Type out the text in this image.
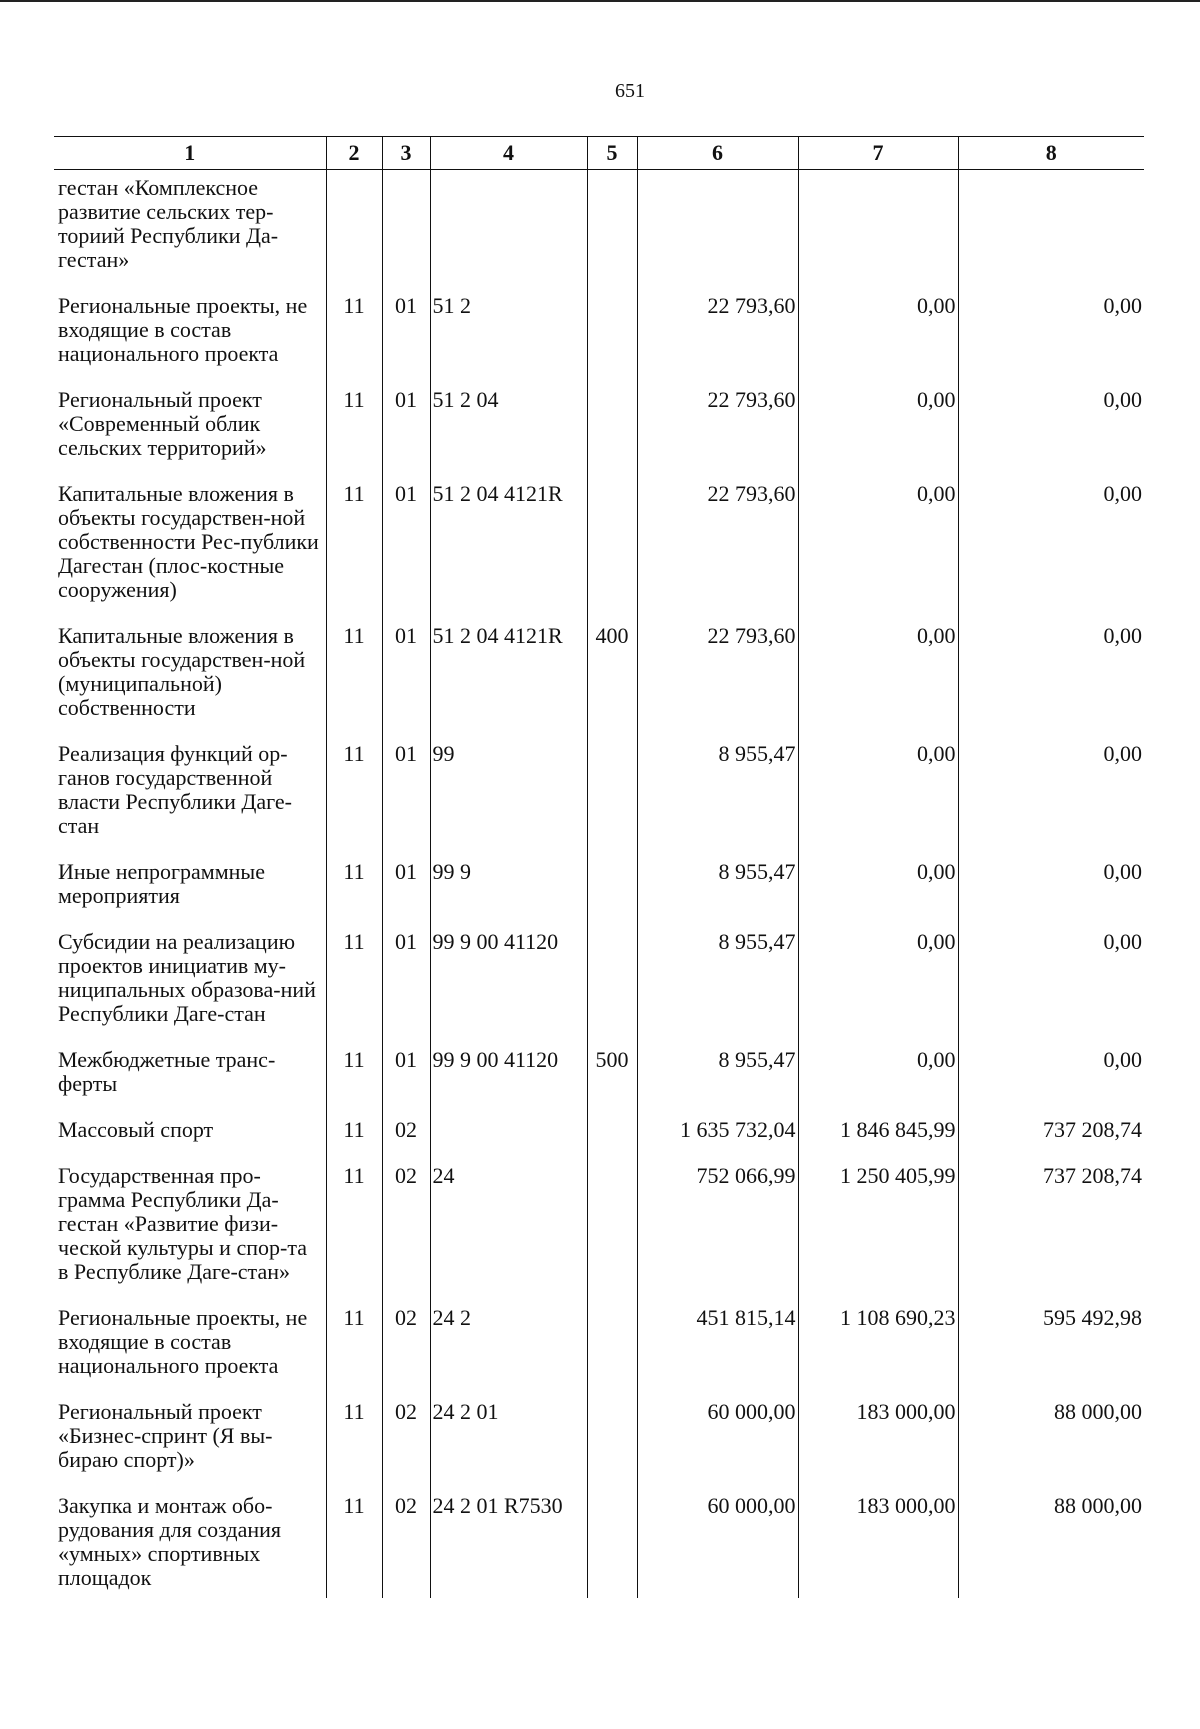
651
1	2	3	4	5	6	7	8
гестан «Комплексное развитие сельских тер-ториий Республики Да-гестан»							
Региональные проекты, не входящие в состав национального проекта	11	01	51 2		22 793,60	0,00	0,00
Региональный проект «Современный облик сельских территорий»	11	01	51 2 04		22 793,60	0,00	0,00
Капитальные вложения в объекты государствен-ной собственности Рес-публики Дагестан (плос-костные сооружения)	11	01	51 2 04 4121R		22 793,60	0,00	0,00
Капитальные вложения в объекты государствен-ной (муниципальной) собственности	11	01	51 2 04 4121R	400	22 793,60	0,00	0,00
Реализация функций ор-ганов государственной власти Республики Даге-стан	11	01	99		8 955,47	0,00	0,00
Иные непрограммные мероприятия	11	01	99 9		8 955,47	0,00	0,00
Субсидии на реализацию проектов инициатив му-ниципальных образова-ний Республики Даге-стан	11	01	99 9 00 41120		8 955,47	0,00	0,00
Межбюджетные транс-ферты	11	01	99 9 00 41120	500	8 955,47	0,00	0,00
Массовый спорт	11	02			1 635 732,04	1 846 845,99	737 208,74
Государственная про-грамма Республики Да-гестан «Развитие физи-ческой культуры и спор-та в Республике Даге-стан»	11	02	24		752 066,99	1 250 405,99	737 208,74
Региональные проекты, не входящие в состав национального проекта	11	02	24 2		451 815,14	1 108 690,23	595 492,98
Региональный проект «Бизнес-спринт (Я вы-бираю спорт)»	11	02	24 2 01		60 000,00	183 000,00	88 000,00
Закупка и монтаж обо-рудования для создания «умных» спортивных площадок	11	02	24 2 01 R7530		60 000,00	183 000,00	88 000,00
